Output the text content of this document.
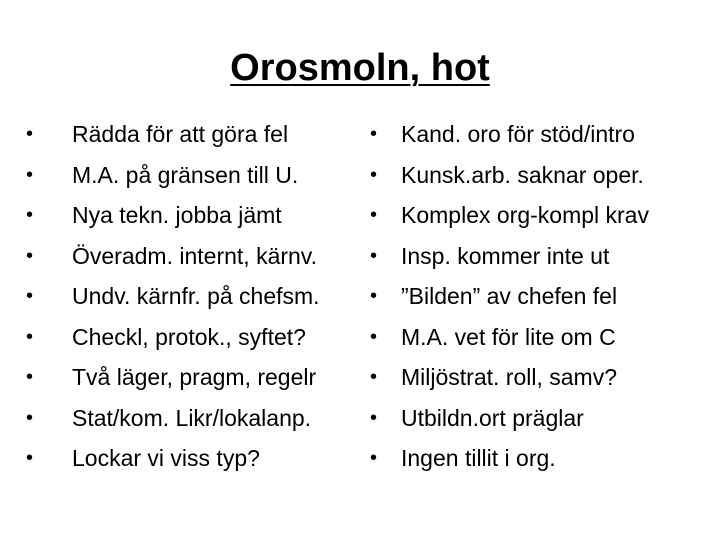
Orosmoln, hot
•	Rädda för att göra fel
•	M.A. på gränsen till U.
•	Nya tekn. jobba jämt
•	Överadm. internt, kärnv.
•	Undv. kärnfr. på chefsm.
•	Checkl, protok., syftet?
•	Två läger, pragm, regelr
•	Stat/kom. Likr/lokalanp.
•	Lockar vi viss typ?
•	Kand. oro för stöd/intro
•	Kunsk.arb. saknar oper.
•	Komplex org-kompl krav
•	Insp. kommer inte ut
•	”Bilden” av chefen fel
•	M.A. vet för lite om C
•	Miljöstrat. roll, samv?
•	Utbildn.ort präglar
•	Ingen tillit i org.
